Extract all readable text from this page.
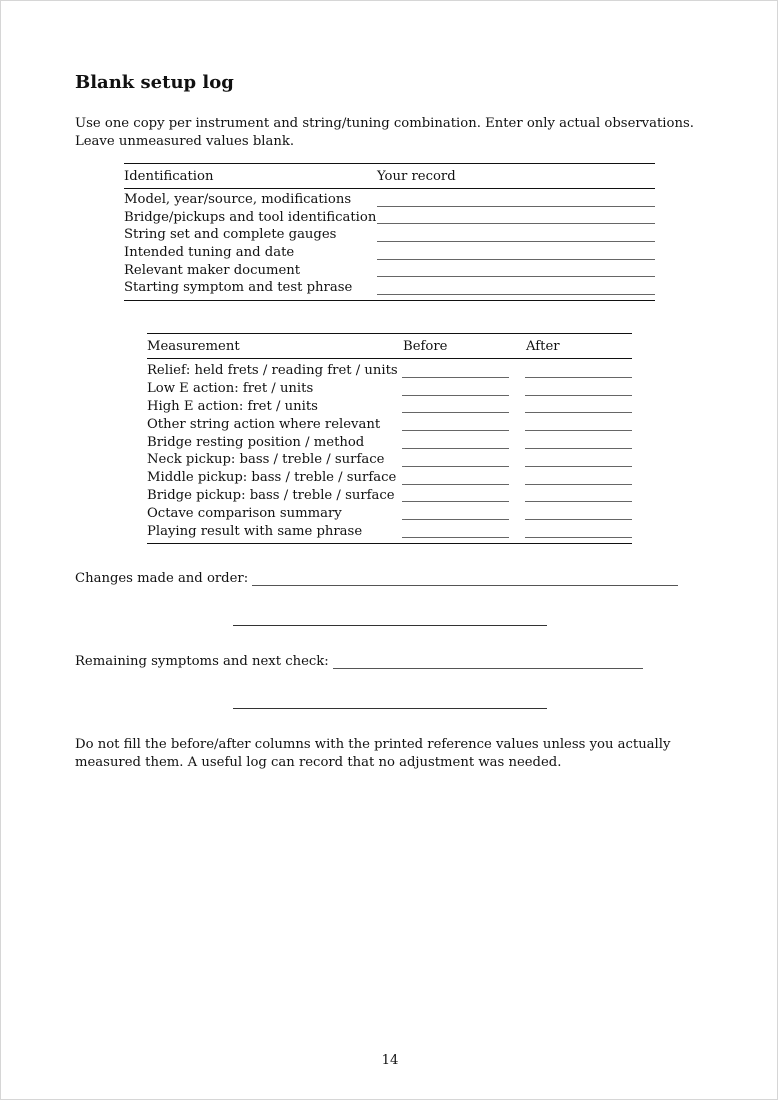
Blank setup log

Use one copy per instrument and string/tuning combination. Enter only actual observations. Leave unmeasured values blank.

Identification	Your record
Model, year/source, modifications
Bridge/pickups and tool identification
String set and complete gauges
Intended tuning and date
Relevant maker document
Starting symptom and test phrase
Measurement	Before	After
Relief: held frets / reading fret / units
Low E action: fret / units
High E action: fret / units
Other string action where relevant
Bridge resting position / method
Neck pickup: bass / treble / surface
Middle pickup: bass / treble / surface
Bridge pickup: bass / treble / surface
Octave comparison summary
Playing result with same phrase
Changes made and order:
Remaining symptoms and next check:

Do not fill the before/after columns with the printed reference values unless you actually measured them. A useful log can record that no adjustment was needed.

14
